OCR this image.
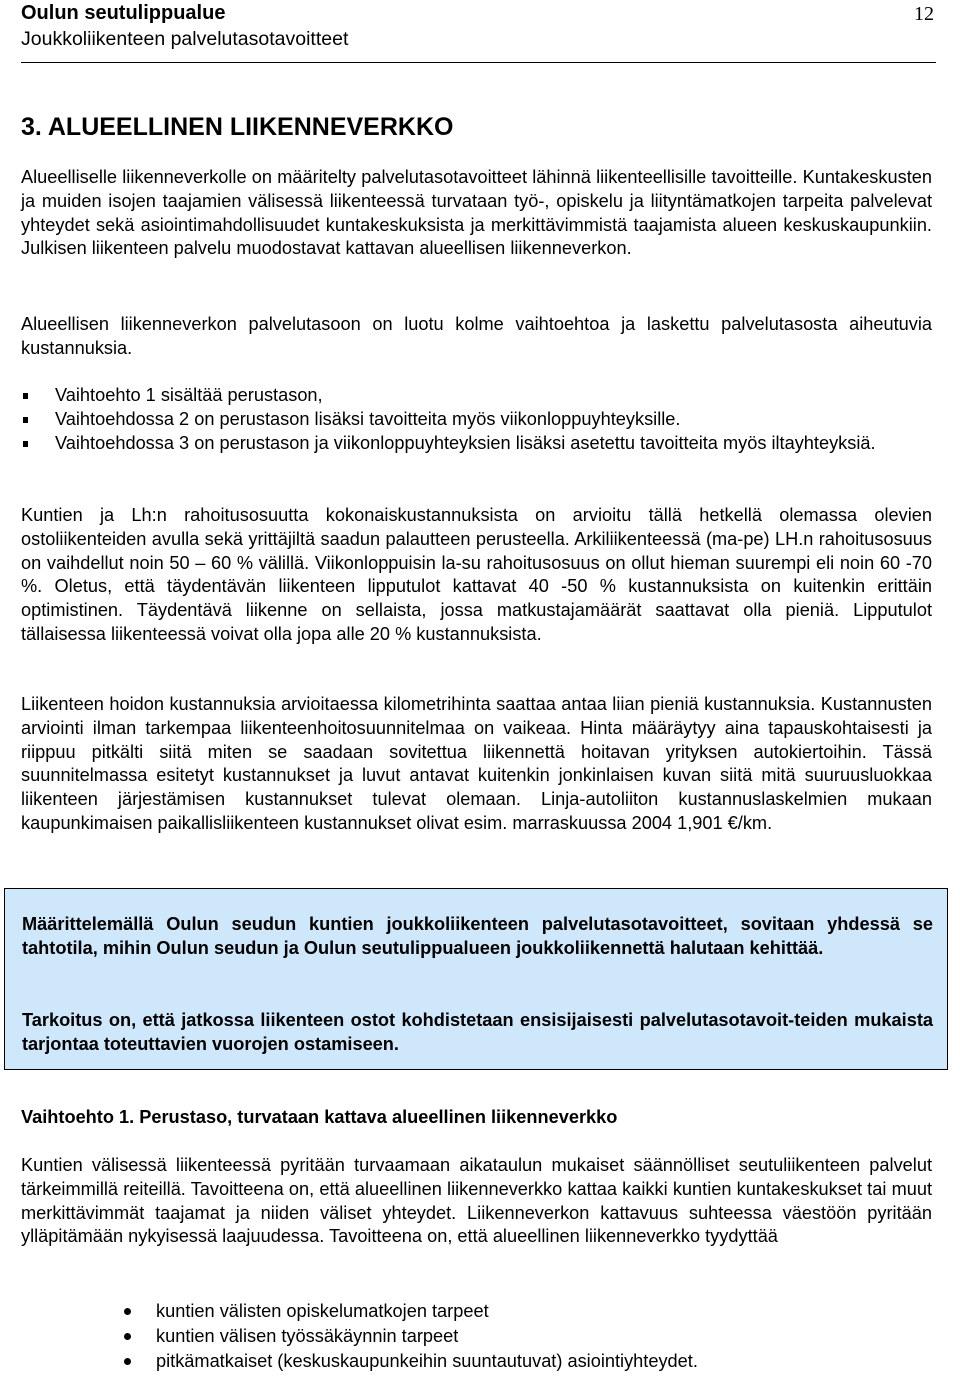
Oulun seutulippualue
Joukkoliikenteen palvelutasotavoitteet
12
3. ALUEELLINEN LIIKENNEVERKKO

Alueelliselle liikenneverkolle on määritelty palvelutasotavoitteet lähinnä liikenteellisille tavoitteille. Kuntakeskusten ja muiden isojen taajamien välisessä liikenteessä turvataan työ-, opiskelu ja liityntämatkojen tarpeita palvelevat yhteydet sekä asiointimahdollisuudet kuntakeskuksista ja merkittävimmistä taajamista alueen keskuskaupunkiin. Julkisen liikenteen palvelu muodostavat kattavan alueellisen liikenneverkon.

Alueellisen liikenneverkon palvelutasoon on luotu kolme vaihtoehtoa ja laskettu palvelutasosta aiheutuvia kustannuksia.

Vaihtoehto 1 sisältää perustason,
Vaihtoehdossa 2 on perustason lisäksi tavoitteita myös viikonloppuyhteyksille.
Vaihtoehdossa 3 on perustason ja viikonloppuyhteyksien lisäksi asetettu tavoitteita myös iltayhteyksiä.

Kuntien ja Lh:n rahoitusosuutta kokonaiskustannuksista on arvioitu tällä hetkellä olemassa olevien ostoliikenteiden avulla sekä yrittäjiltä saadun palautteen perusteella. Arkiliikenteessä (ma-pe) LH.n rahoitusosuus on vaihdellut noin 50 – 60 % välillä. Viikonloppuisin la-su rahoitusosuus on ollut hieman suurempi eli noin 60 -70 %. Oletus, että täydentävän liikenteen lipputulot kattavat 40 -50 % kustannuksista on kuitenkin erittäin optimistinen. Täydentävä liikenne on sellaista, jossa matkustajamäärät saattavat olla pieniä. Lipputulot tällaisessa liikenteessä voivat olla jopa alle 20 % kustannuksista.

Liikenteen hoidon kustannuksia arvioitaessa kilometrihinta saattaa antaa liian pieniä kustannuksia. Kustannusten arviointi ilman tarkempaa liikenteenhoitosuunnitelmaa on vaikeaa. Hinta määräytyy aina tapauskohtaisesti ja riippuu pitkälti siitä miten se saadaan sovitettua liikennettä hoitavan yrityksen autokiertoihin. Tässä suunnitelmassa esitetyt kustannukset ja luvut antavat kuitenkin jonkinlaisen kuvan siitä mitä suuruusluokkaa liikenteen järjestämisen kustannukset tulevat olemaan. Linja-autoliiton kustannuslaskelmien mukaan kaupunkimaisen paikallisliikenteen kustannukset olivat esim. marraskuussa 2004 1,901 €/km.

Määrittelemällä Oulun seudun kuntien joukkoliikenteen palvelutasotavoitteet, sovitaan yhdessä se tahtotila, mihin Oulun seudun ja Oulun seutulippualueen joukkoliikennettä halutaan kehittää.

Tarkoitus on, että jatkossa liikenteen ostot kohdistetaan ensisijaisesti palvelutasotavoit-teiden mukaista tarjontaa toteuttavien vuorojen ostamiseen.

Vaihtoehto 1. Perustaso, turvataan kattava alueellinen liikenneverkko

Kuntien välisessä liikenteessä pyritään turvaamaan aikataulun mukaiset säännölliset seutuliikenteen palvelut tärkeimmillä reiteillä. Tavoitteena on, että alueellinen liikenneverkko kattaa kaikki kuntien kuntakeskukset tai muut merkittävimmät taajamat ja niiden väliset yhteydet. Liikenneverkon kattavuus suhteessa väestöön pyritään ylläpitämään nykyisessä laajuudessa. Tavoitteena on, että alueellinen liikenneverkko tyydyttää

kuntien välisten opiskelumatkojen tarpeet
kuntien välisen työssäkäynnin tarpeet
pitkämatkaiset (keskuskaupunkeihin suuntautuvat) asiointiyhteydet.
